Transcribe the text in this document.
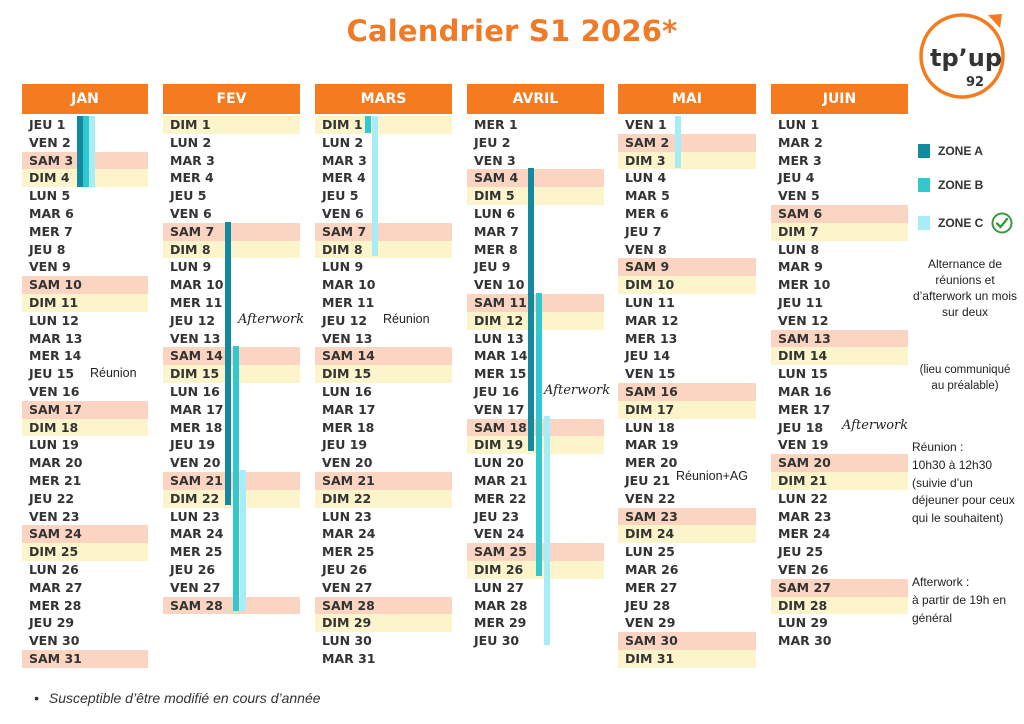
Calendrier S1 2026*
tp’up
92
JAN
JEU 1
VEN 2
SAM 3
DIM 4
LUN 5
MAR 6
MER 7
JEU 8
VEN 9
SAM 10
DIM 11
LUN 12
MAR 13
MER 14
JEU 15
VEN 16
SAM 17
DIM 18
LUN 19
MAR 20
MER 21
JEU 22
VEN 23
SAM 24
DIM 25
LUN 26
MAR 27
MER 28
JEU 29
VEN 30
SAM 31
FEV
DIM 1
LUN 2
MAR 3
MER 4
JEU 5
VEN 6
SAM 7
DIM 8
LUN 9
MAR 10
MER 11
JEU 12
VEN 13
SAM 14
DIM 15
LUN 16
MAR 17
MER 18
JEU 19
VEN 20
SAM 21
DIM 22
LUN 23
MAR 24
MER 25
JEU 26
VEN 27
SAM 28
MARS
DIM 1
LUN 2
MAR 3
MER 4
JEU 5
VEN 6
SAM 7
DIM 8
LUN 9
MAR 10
MER 11
JEU 12
VEN 13
SAM 14
DIM 15
LUN 16
MAR 17
MER 18
JEU 19
VEN 20
SAM 21
DIM 22
LUN 23
MAR 24
MER 25
JEU 26
VEN 27
SAM 28
DIM 29
LUN 30
MAR 31
AVRIL
MER 1
JEU 2
VEN 3
SAM 4
DIM 5
LUN 6
MAR 7
MER 8
JEU 9
VEN 10
SAM 11
DIM 12
LUN 13
MAR 14
MER 15
JEU 16
VEN 17
SAM 18
DIM 19
LUN 20
MAR 21
MER 22
JEU 23
VEN 24
SAM 25
DIM 26
LUN 27
MAR 28
MER 29
JEU 30
MAI
VEN 1
SAM 2
DIM 3
LUN 4
MAR 5
MER 6
JEU 7
VEN 8
SAM 9
DIM 10
LUN 11
MAR 12
MER 13
JEU 14
VEN 15
SAM 16
DIM 17
LUN 18
MAR 19
MER 20
JEU 21
VEN 22
SAM 23
DIM 24
LUN 25
MAR 26
MER 27
JEU 28
VEN 29
SAM 30
DIM 31
JUIN
LUN 1
MAR 2
MER 3
JEU 4
VEN 5
SAM 6
DIM 7
LUN 8
MAR 9
MER 10
JEU 11
VEN 12
SAM 13
DIM 14
LUN 15
MAR 16
MER 17
JEU 18
VEN 19
SAM 20
DIM 21
LUN 22
MAR 23
MER 24
JEU 25
VEN 26
SAM 27
DIM 28
LUN 29
MAR 30
Réunion
Afterwork	Réunion
Afterwork
Réunion+AG
Afterwork
ZONE A
ZONE B
ZONE C
Alternance de réunions et d’afterwork un mois sur deux
(lieu communiqué au préalable)
Réunion :
10h30 à 12h30 (suivie d’un déjeuner pour ceux qui le souhaitent)
Afterwork :
à partir de 19h en général
• Susceptible d’être modifié en cours d’année
